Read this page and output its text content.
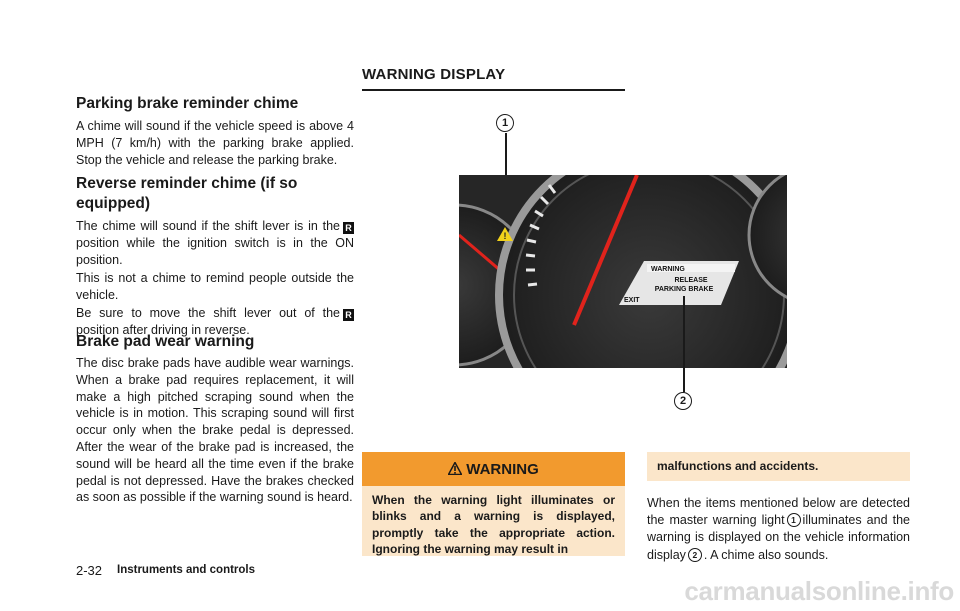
Parking brake reminder chime

A chime will sound if the vehicle speed is above 4 MPH (7 km/h) with the parking brake applied. Stop the vehicle and release the parking brake.

Reverse reminder chime (if so equipped)

The chime will sound if the shift lever is in the R position while the ignition switch is in the ON position.

This is not a chime to remind people outside the vehicle.

Be sure to move the shift lever out of the R position after driving in reverse.

Brake pad wear warning

The disc brake pads have audible wear warnings. When a brake pad requires replacement, it will make a high pitched scraping sound when the vehicle is in motion. This scraping sound will first occur only when the brake pedal is depressed. After the wear of the brake pad is increased, the sound will be heard all the time even if the brake pedal is not depressed. Have the brakes checked as soon as possible if the warning sound is heard.

WARNING DISPLAY
1
!
WARNING
RELEASE
PARKING BRAKE
EXIT
2
WARNING

When the warning light illuminates or blinks and a warning is displayed, promptly take the appropriate action. Ignoring the warning may result in

malfunctions and accidents.

When the items mentioned below are detected the master warning light 1 illuminates and the warning is displayed on the vehicle information display 2 . A chime also sounds.

2-32 Instruments and controls
carmanualsonline.info
